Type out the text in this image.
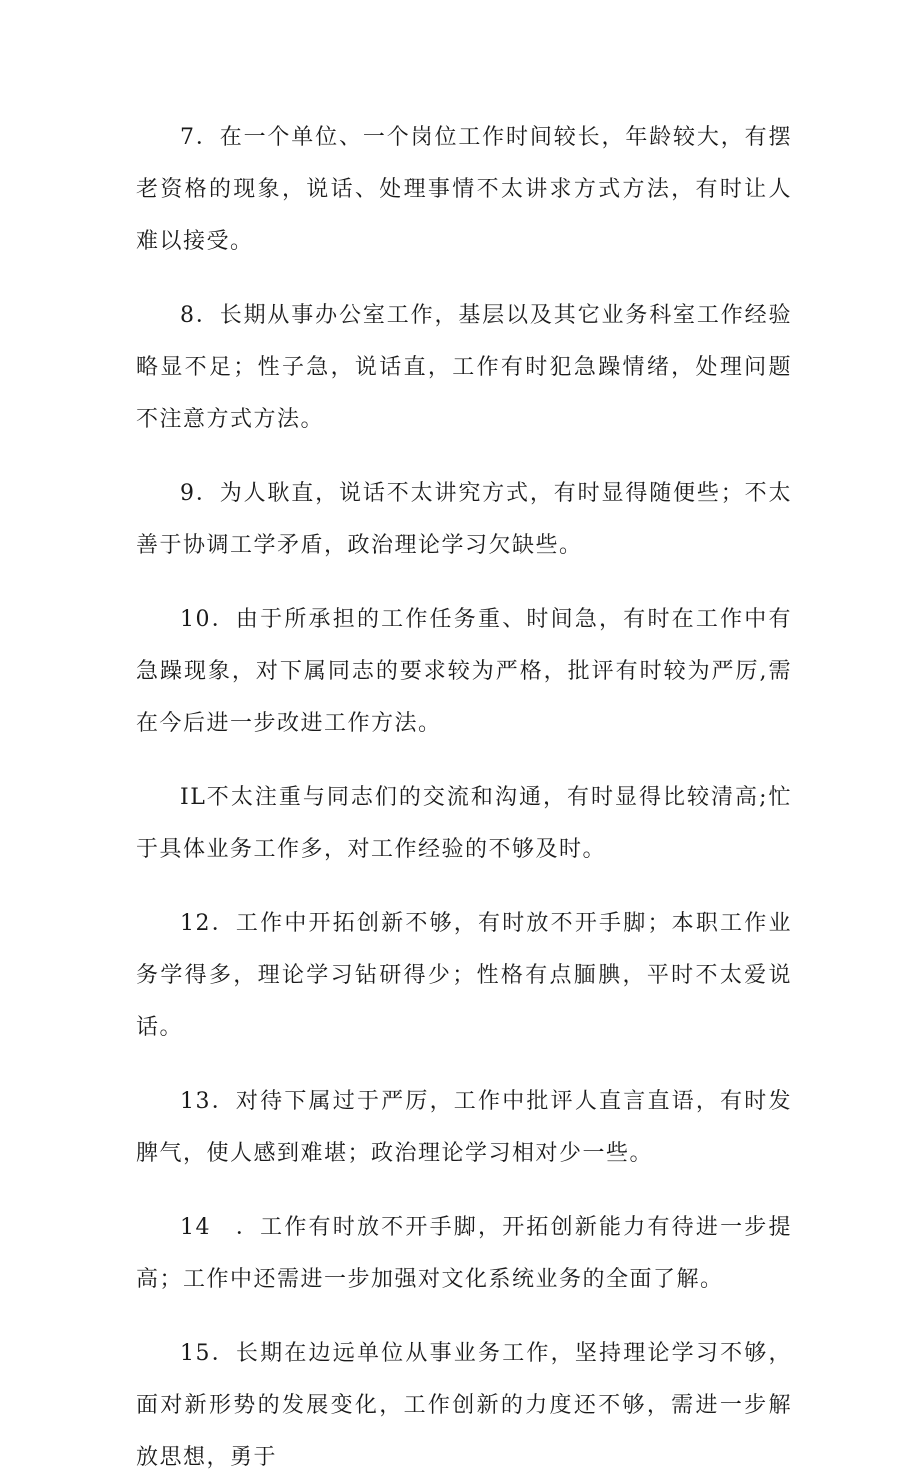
7．在一个单位、一个岗位工作时间较长，年龄较大，有摆老资格的现象，说话、处理事情不太讲求方式方法，有时让人难以接受。

8．长期从事办公室工作，基层以及其它业务科室工作经验略显不足；性子急，说话直，工作有时犯急躁情绪，处理问题不注意方式方法。

9．为人耿直，说话不太讲究方式，有时显得随便些；不太善于协调工学矛盾，政治理论学习欠缺些。

10．由于所承担的工作任务重、时间急，有时在工作中有急躁现象，对下属同志的要求较为严格，批评有时较为严厉,需在今后进一步改进工作方法。

IL不太注重与同志们的交流和沟通，有时显得比较清高;忙于具体业务工作多，对工作经验的不够及时。

12．工作中开拓创新不够，有时放不开手脚；本职工作业务学得多，理论学习钻研得少；性格有点腼腆，平时不太爱说话。

13．对待下属过于严厉，工作中批评人直言直语，有时发脾气，使人感到难堪；政治理论学习相对少一些。

14　．工作有时放不开手脚，开拓创新能力有待进一步提高；工作中还需进一步加强对文化系统业务的全面了解。

15．长期在边远单位从事业务工作，坚持理论学习不够，面对新形势的发展变化，工作创新的力度还不够，需进一步解放思想，勇于
